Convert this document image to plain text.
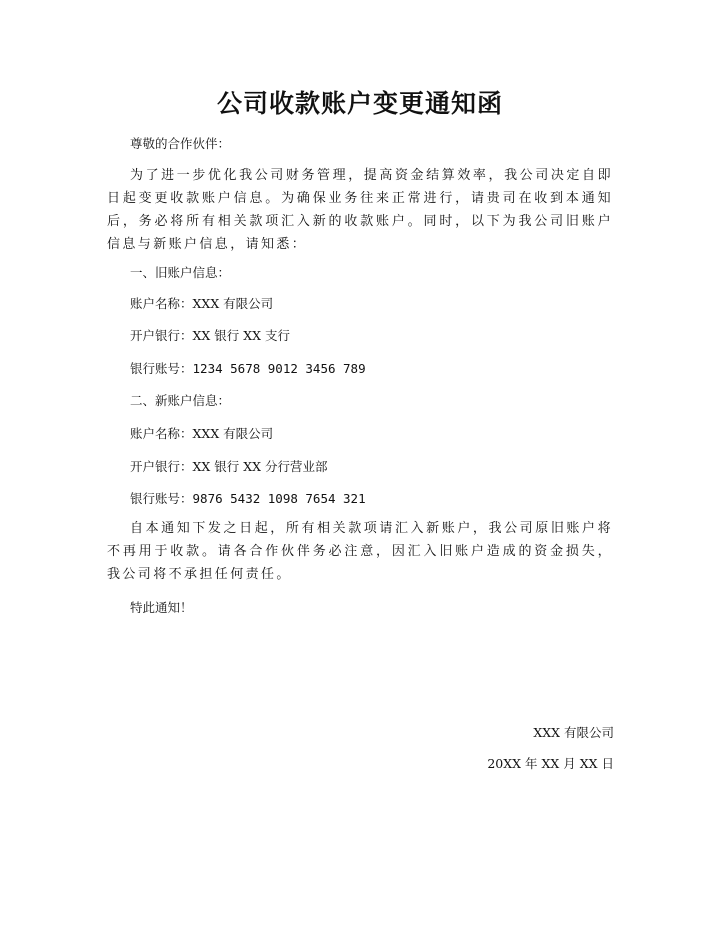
公司收款账户变更通知函
尊敬的合作伙伴：
为了进一步优化我公司财务管理，提高资金结算效率，我公司决定自即日起变更收款账户信息。为确保业务往来正常进行，请贵司在收到本通知后，务必将所有相关款项汇入新的收款账户。同时，以下为我公司旧账户信息与新账户信息，请知悉：
一、旧账户信息：
账户名称：XXX 有限公司
开户银行：XX 银行 XX 支行
银行账号：1234 5678 9012 3456 789
二、新账户信息：
账户名称：XXX 有限公司
开户银行：XX 银行 XX 分行营业部
银行账号：9876 5432 1098 7654 321
自本通知下发之日起，所有相关款项请汇入新账户，我公司原旧账户将不再用于收款。请各合作伙伴务必注意，因汇入旧账户造成的资金损失，我公司将不承担任何责任。
特此通知！
XXX 有限公司
20XX 年 XX 月 XX 日
